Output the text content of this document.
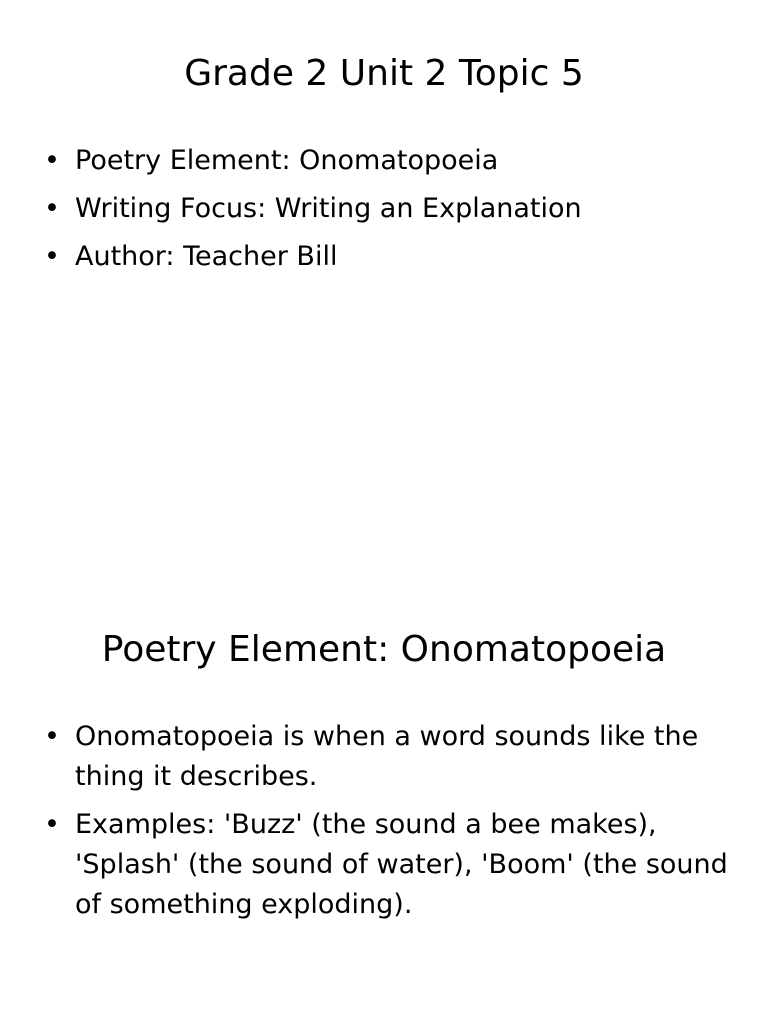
Grade 2 Unit 2 Topic 5
• Poetry Element: Onomatopoeia
• Writing Focus: Writing an Explanation
• Author: Teacher Bill
Poetry Element: Onomatopoeia
• Onomatopoeia is when a word sounds like the thing it describes.
• Examples: 'Buzz' (the sound a bee makes), 'Splash' (the sound of water), 'Boom' (the sound of something exploding).
